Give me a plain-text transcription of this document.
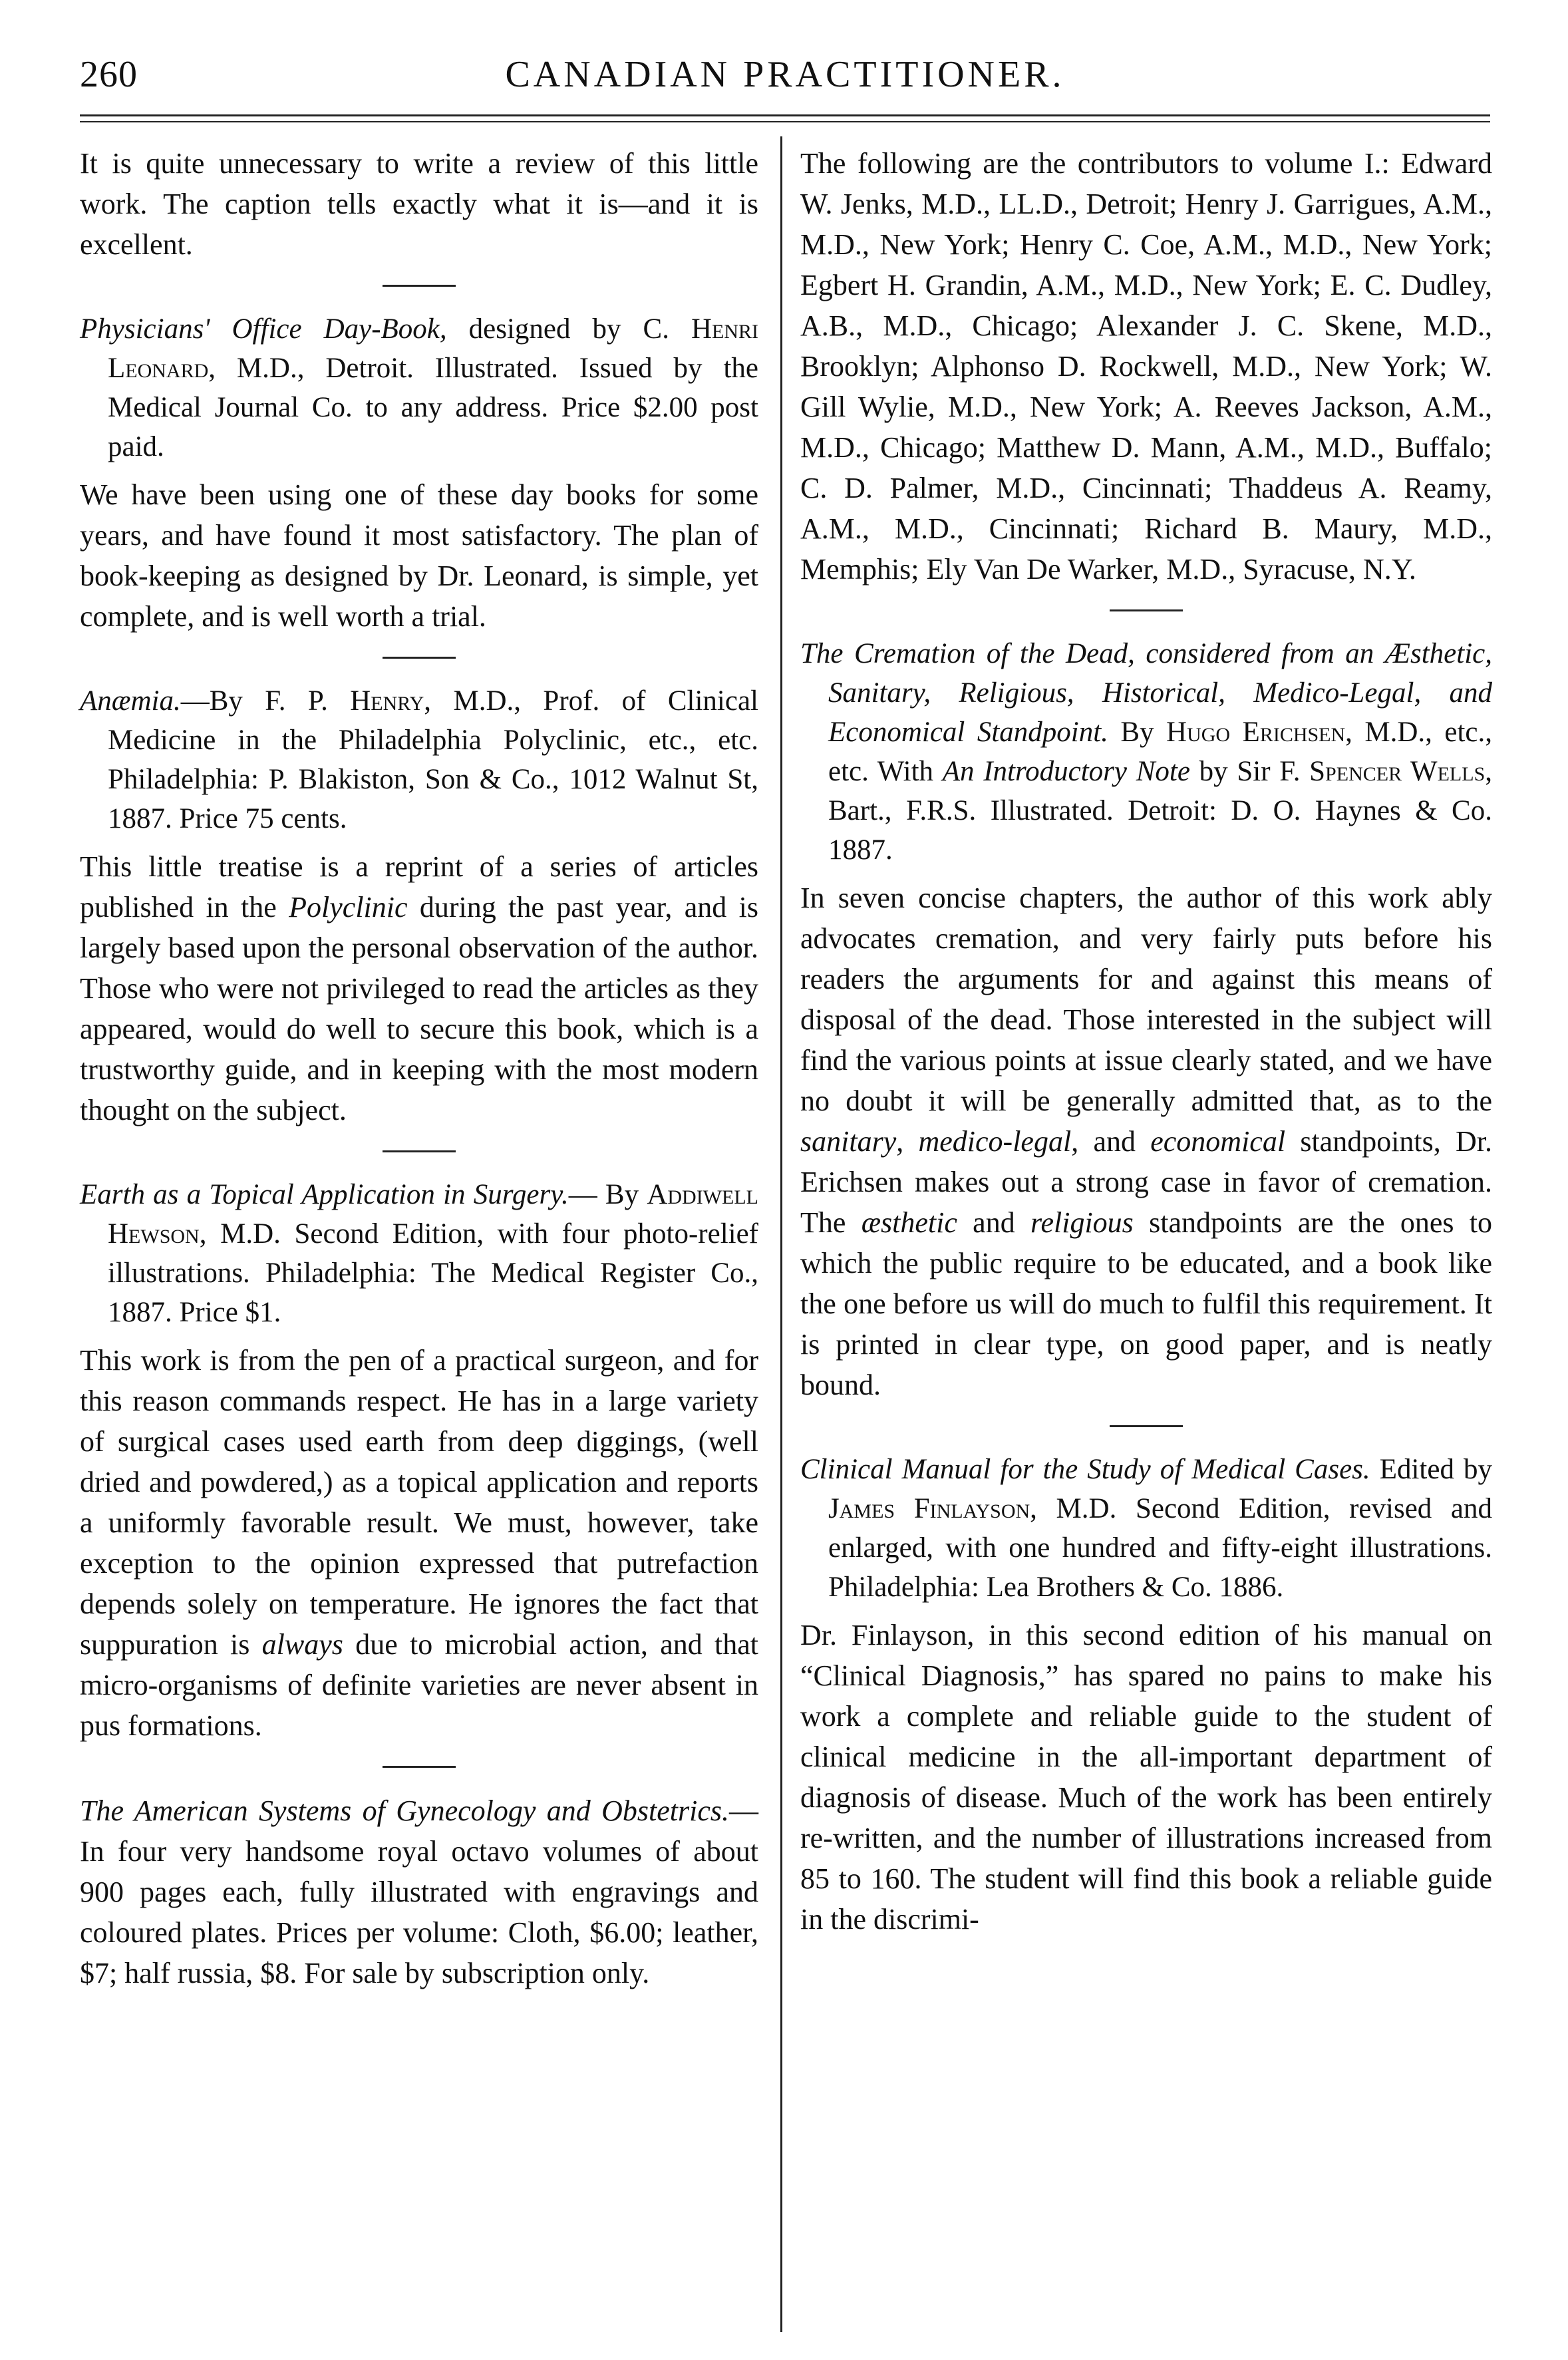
260	CANADIAN PRACTITIONER.

It is quite unnecessary to write a review of this little work. The caption tells exactly what it is—and it is excellent.

Physicians' Office Day-Book, designed by C. Henri Leonard, M.D., Detroit. Illustrated. Issued by the Medical Journal Co. to any address. Price $2.00 post paid.

We have been using one of these day books for some years, and have found it most satisfactory. The plan of book-keeping as designed by Dr. Leonard, is simple, yet complete, and is well worth a trial.

Anæmia.—By F. P. Henry, M.D., Prof. of Clinical Medicine in the Philadelphia Polyclinic, etc., etc. Philadelphia: P. Blakiston, Son & Co., 1012 Walnut St, 1887. Price 75 cents.

This little treatise is a reprint of a series of articles published in the Polyclinic during the past year, and is largely based upon the personal observation of the author. Those who were not privileged to read the articles as they appeared, would do well to secure this book, which is a trustworthy guide, and in keeping with the most modern thought on the subject.

Earth as a Topical Application in Surgery.— By Addiwell Hewson, M.D. Second Edition, with four photo-relief illustrations. Philadelphia: The Medical Register Co., 1887. Price $1.

This work is from the pen of a practical surgeon, and for this reason commands respect. He has in a large variety of surgical cases used earth from deep diggings, (well dried and powdered,) as a topical application and reports a uniformly favorable result. We must, however, take exception to the opinion expressed that putrefaction depends solely on temperature. He ignores the fact that suppuration is always due to microbial action, and that micro-organisms of definite varieties are never absent in pus formations.

The American Systems of Gynecology and Obstetrics.—In four very handsome royal octavo volumes of about 900 pages each, fully illustrated with engravings and coloured plates. Prices per volume: Cloth, $6.00; leather, $7; half russia, $8. For sale by subscription only.

The following are the contributors to volume I.: Edward W. Jenks, M.D., LL.D., Detroit; Henry J. Garrigues, A.M., M.D., New York; Henry C. Coe, A.M., M.D., New York; Egbert H. Grandin, A.M., M.D., New York; E. C. Dudley, A.B., M.D., Chicago; Alexander J. C. Skene, M.D., Brooklyn; Alphonso D. Rockwell, M.D., New York; W. Gill Wylie, M.D., New York; A. Reeves Jackson, A.M., M.D., Chicago; Matthew D. Mann, A.M., M.D., Buffalo; C. D. Palmer, M.D., Cincinnati; Thaddeus A. Reamy, A.M., M.D., Cincinnati; Richard B. Maury, M.D., Memphis; Ely Van De Warker, M.D., Syracuse, N.Y.

The Cremation of the Dead, considered from an Æsthetic, Sanitary, Religious, Historical, Medico-Legal, and Economical Standpoint. By Hugo Erichsen, M.D., etc., etc. With An Introductory Note by Sir F. Spencer Wells, Bart., F.R.S. Illustrated. Detroit: D. O. Haynes & Co. 1887.

In seven concise chapters, the author of this work ably advocates cremation, and very fairly puts before his readers the arguments for and against this means of disposal of the dead. Those interested in the subject will find the various points at issue clearly stated, and we have no doubt it will be generally admitted that, as to the sanitary, medico-legal, and economical standpoints, Dr. Erichsen makes out a strong case in favor of cremation. The æsthetic and religious standpoints are the ones to which the public require to be educated, and a book like the one before us will do much to fulfil this requirement. It is printed in clear type, on good paper, and is neatly bound.

Clinical Manual for the Study of Medical Cases. Edited by James Finlayson, M.D. Second Edition, revised and enlarged, with one hundred and fifty-eight illustrations. Philadelphia: Lea Brothers & Co. 1886.

Dr. Finlayson, in this second edition of his manual on “Clinical Diagnosis,” has spared no pains to make his work a complete and reliable guide to the student of clinical medicine in the all-important department of diagnosis of disease. Much of the work has been entirely re-written, and the number of illustrations increased from 85 to 160. The student will find this book a reliable guide in the discrimi-
